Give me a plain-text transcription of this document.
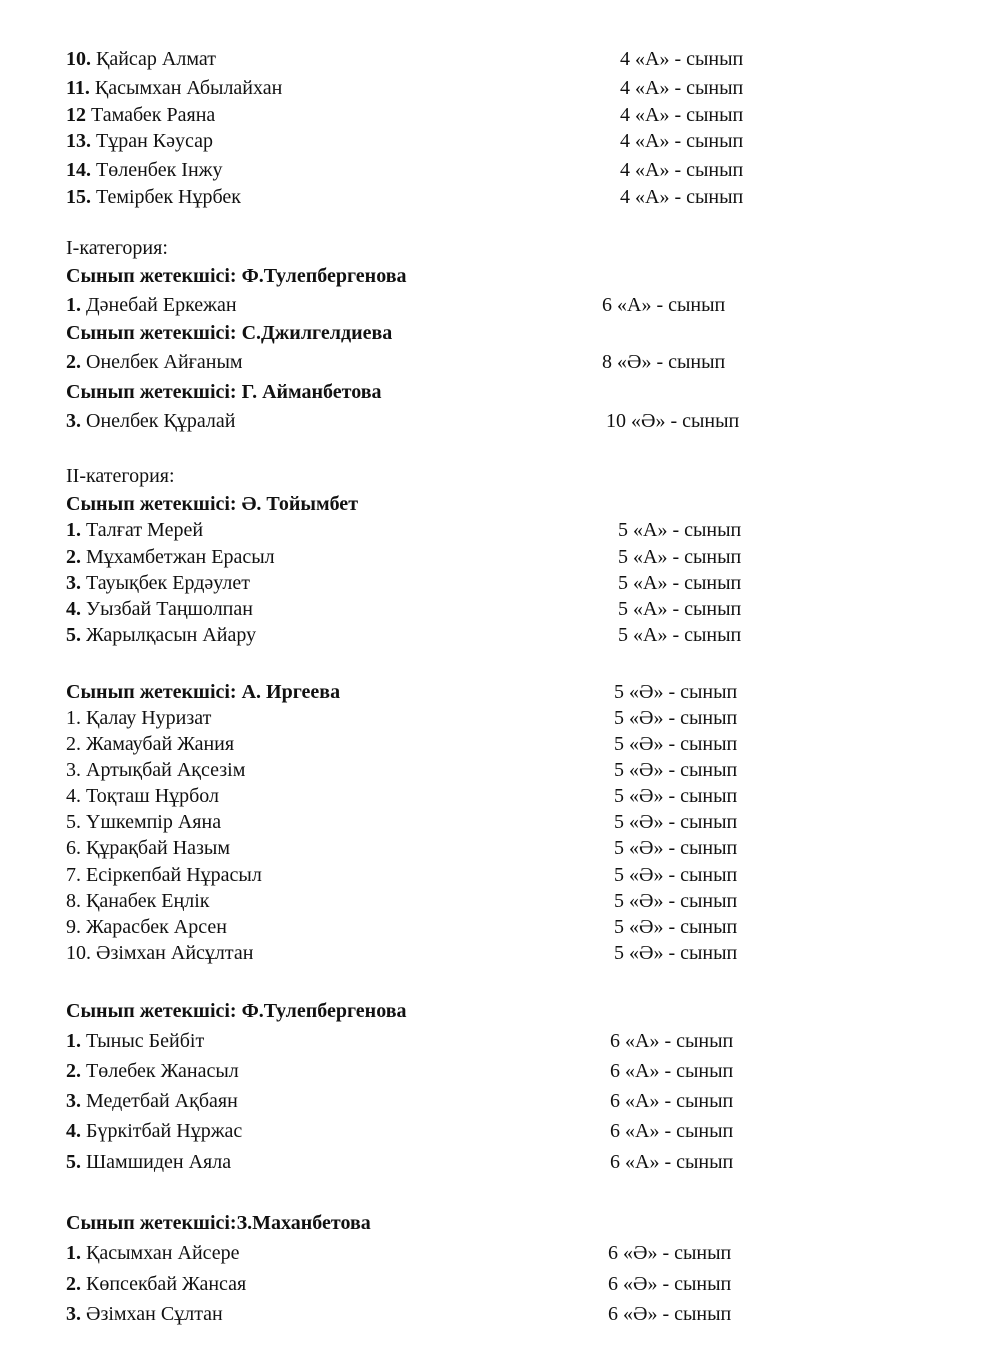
10. Қайсар Алмат	4 «А» - сынып
11. Қасымхан Абылайхан	4 «А» - сынып
12 Тамабек Раяна	4 «А» - сынып
13. Тұран Кәусар	4 «А» - сынып
14. Төленбек Інжу	4 «А» - сынып
15. Темірбек Нұрбек	4 «А» - сынып
І-категория:
Сынып жетекшісі: Ф.Тулепбергенова
1. Дәнебай Еркежан	6 «А» - сынып
Сынып жетекшісі: С.Джилгелдиева
2. Онелбек Айғаным	8 «Ә» - сынып
Сынып жетекшісі: Г. Айманбетова
3. Онелбек Құралай	10 «Ә» - сынып
ІІ-категория:
Сынып жетекшісі: Ә. Тойымбет
1. Талғат Мерей	5 «А» - сынып
2. Мұхамбетжан Ерасыл	5 «А» - сынып
3. Тауықбек Ердәулет	5 «А» - сынып
4. Уызбай Таңшолпан	5 «А» - сынып
5. Жарылқасын Айару	5 «А» - сынып
Сынып жетекшісі: А. Иргеева	5 «Ә» - сынып
1. Қалау Нуризат	5 «Ә» - сынып
2. Жамаубай Жания	5 «Ә» - сынып
3. Артықбай Ақсезім	5 «Ә» - сынып
4. Тоқташ Нұрбол	5 «Ә» - сынып
5. Үшкемпір Аяна	5 «Ә» - сынып
6. Құрақбай Назым	5 «Ә» - сынып
7. Есіркепбай Нұрасыл	5 «Ә» - сынып
8. Қанабек Еңлік	5 «Ә» - сынып
9. Жарасбек Арсен	5 «Ә» - сынып
10. Әзімхан Айсұлтан	5 «Ә» - сынып
Сынып жетекшісі: Ф.Тулепбергенова
1. Тыныс Бейбіт	6 «А» - сынып
2. Төлебек Жанасыл	6 «А» - сынып
3. Медетбай Ақбаян	6 «А» - сынып
4. Бүркітбай Нұржас	6 «А» - сынып
5. Шамшиден Аяла	6 «А» - сынып
Сынып жетекшісі:З.Маханбетова
1. Қасымхан Айсере	6 «Ә» - сынып
2. Көпсекбай Жансая	6 «Ә» - сынып
3. Әзімхан Сұлтан	6 «Ә» - сынып
